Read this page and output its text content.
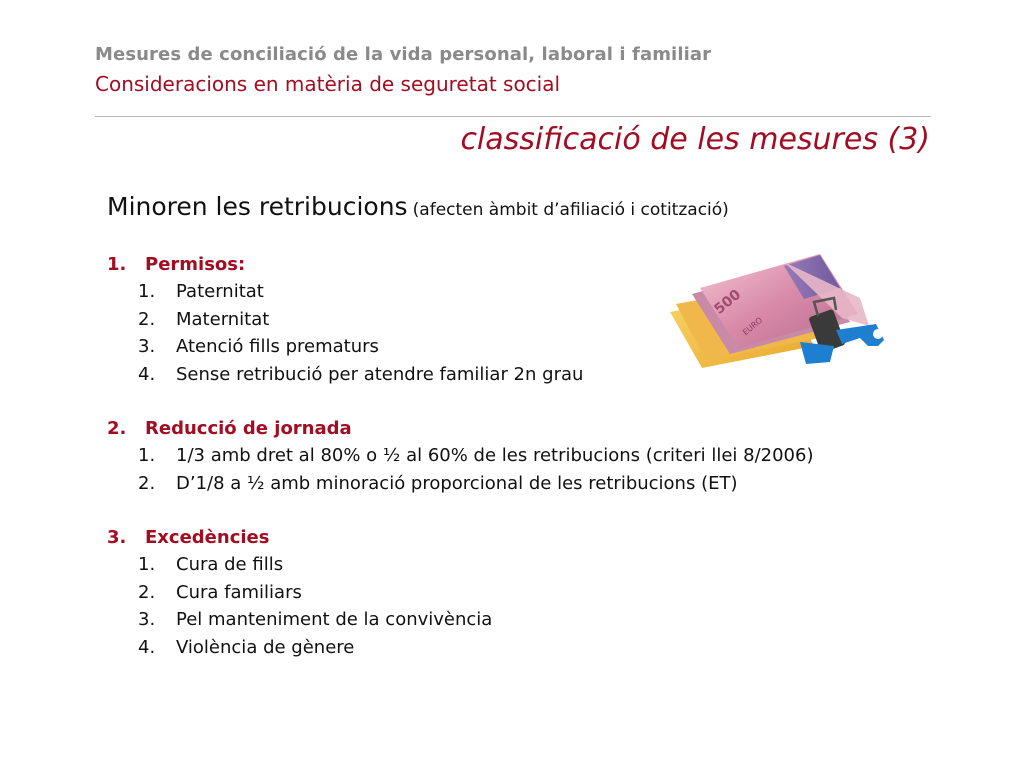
Mesures de conciliació de la vida personal, laboral i familiar
Consideracions en matèria de seguretat social
classificació de les mesures (3)
Minoren les retribucions (afecten àmbit d’afiliació i cotització)
1. Permisos:
1. Paternitat
2. Maternitat
3. Atenció fills prematurs
4. Sense retribució per atendre familiar 2n grau
2. Reducció de jornada
1. 1/3 amb dret al 80% o ½ al 60% de les retribucions (criteri llei 8/2006)
2. D’1/8 a ½ amb minoració proporcional de les retribucions (ET)
3. Excedències
1. Cura de fills
2. Cura familiars
3. Pel manteniment de la convivència
4. Violència de gènere
500
EURO
